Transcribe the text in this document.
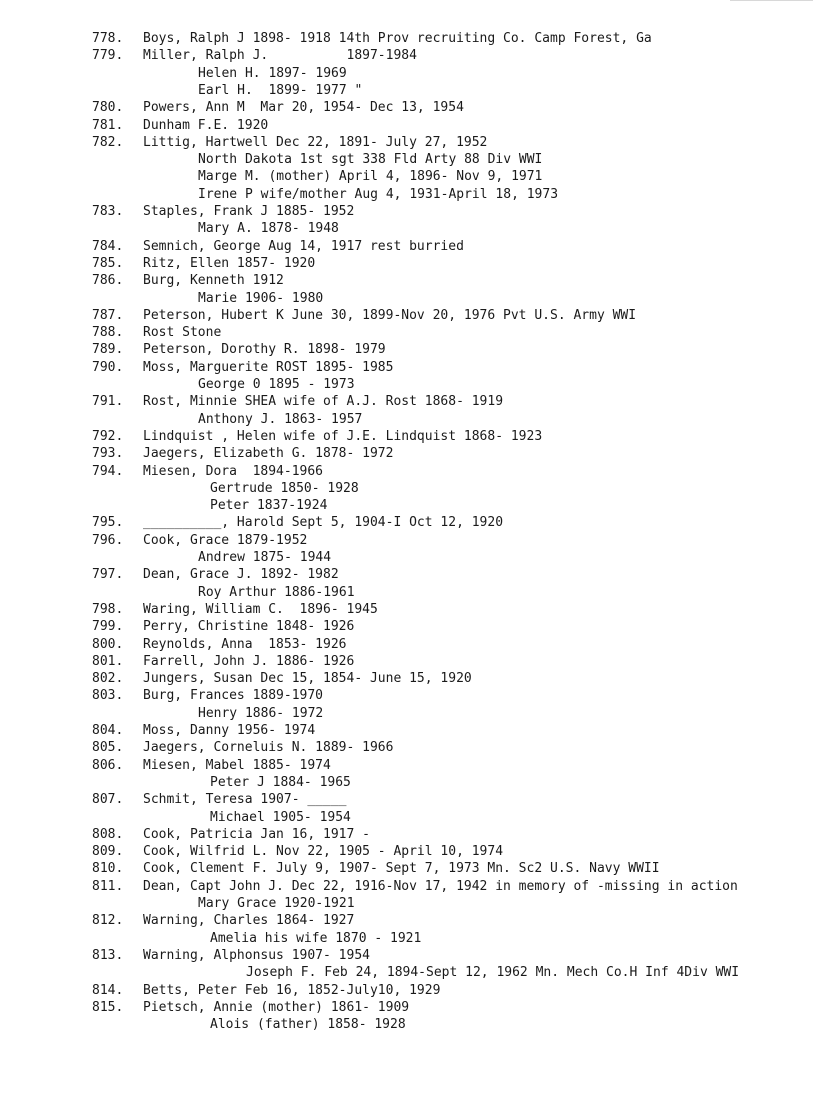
778. Boys, Ralph J 1898- 1918 14th Prov recruiting Co. Camp Forest, Ga
779. Miller, Ralph J.          1897-1984
Helen H. 1897- 1969
Earl H.  1899- 1977 "
780. Powers, Ann M  Mar 20, 1954- Dec 13, 1954
781. Dunham F.E. 1920
782. Littig, Hartwell Dec 22, 1891- July 27, 1952
North Dakota 1st sgt 338 Fld Arty 88 Div WWI
Marge M. (mother) April 4, 1896- Nov 9, 1971
Irene P wife/mother Aug 4, 1931-April 18, 1973
783. Staples, Frank J 1885- 1952
Mary A. 1878- 1948
784. Semnich, George Aug 14, 1917 rest burried
785. Ritz, Ellen 1857- 1920
786. Burg, Kenneth 1912
Marie 1906- 1980
787. Peterson, Hubert K June 30, 1899-Nov 20, 1976 Pvt U.S. Army WWI
788. Rost Stone
789. Peterson, Dorothy R. 1898- 1979
790. Moss, Marguerite ROST 1895- 1985
George 0 1895 - 1973
791. Rost, Minnie SHEA wife of A.J. Rost 1868- 1919
Anthony J. 1863- 1957
792. Lindquist , Helen wife of J.E. Lindquist 1868- 1923
793. Jaegers, Elizabeth G. 1878- 1972
794. Miesen, Dora  1894-1966
Gertrude 1850- 1928
Peter 1837-1924
795. __________, Harold Sept 5, 1904-I Oct 12, 1920
796. Cook, Grace 1879-1952
Andrew 1875- 1944
797. Dean, Grace J. 1892- 1982
Roy Arthur 1886-1961
798. Waring, William C.  1896- 1945
799. Perry, Christine 1848- 1926
800. Reynolds, Anna  1853- 1926
801. Farrell, John J. 1886- 1926
802. Jungers, Susan Dec 15, 1854- June 15, 1920
803. Burg, Frances 1889-1970
Henry 1886- 1972
804. Moss, Danny 1956- 1974
805. Jaegers, Corneluis N. 1889- 1966
806. Miesen, Mabel 1885- 1974
Peter J 1884- 1965
807. Schmit, Teresa 1907- _____
Michael 1905- 1954
808. Cook, Patricia Jan 16, 1917 -
809. Cook, Wilfrid L. Nov 22, 1905 - April 10, 1974
810. Cook, Clement F. July 9, 1907- Sept 7, 1973 Mn. Sc2 U.S. Navy WWII
811. Dean, Capt John J. Dec 22, 1916-Nov 17, 1942 in memory of -missing in action
Mary Grace 1920-1921
812. Warning, Charles 1864- 1927
Amelia his wife 1870 - 1921
813. Warning, Alphonsus 1907- 1954
Joseph F. Feb 24, 1894-Sept 12, 1962 Mn. Mech Co.H Inf 4Div WWI
814. Betts, Peter Feb 16, 1852-July10, 1929
815. Pietsch, Annie (mother) 1861- 1909
Alois (father) 1858- 1928
